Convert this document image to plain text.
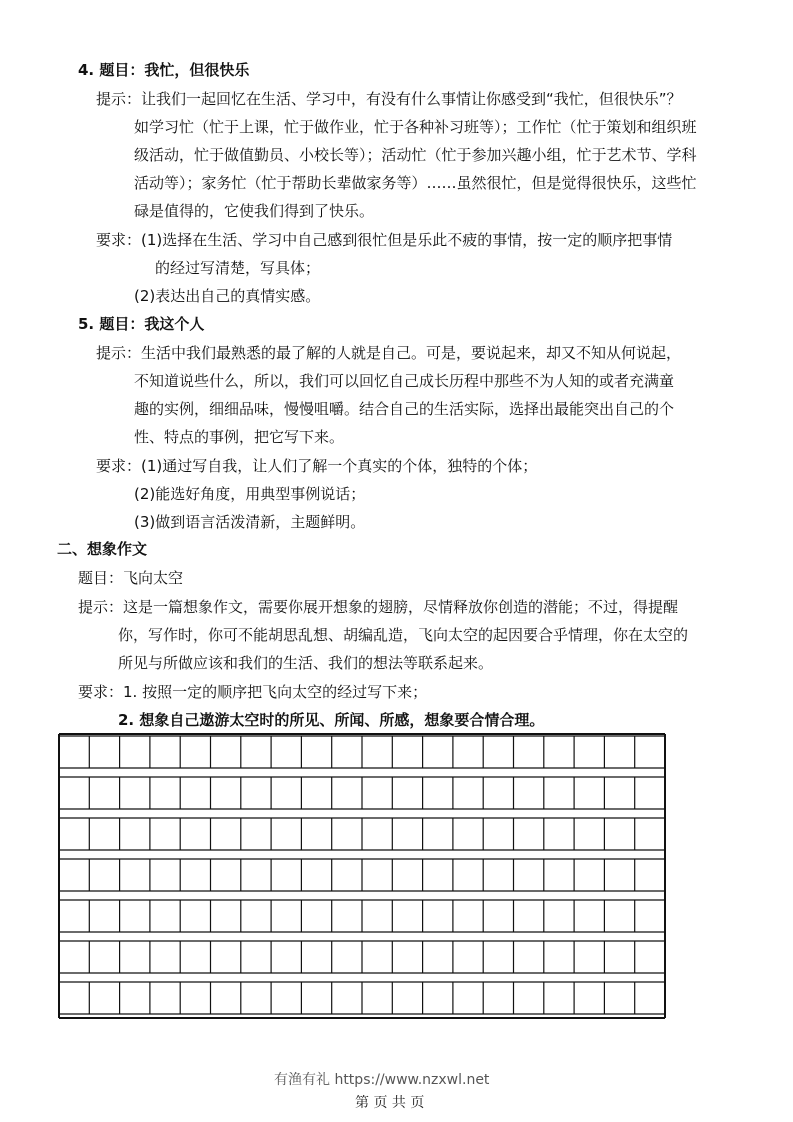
4. 题目：我忙，但很快乐
提示：让我们一起回忆在生活、学习中，有没有什么事情让你感受到“我忙，但很快乐”？
如学习忙（忙于上课，忙于做作业，忙于各种补习班等）；工作忙（忙于策划和组织班
级活动，忙于做值勤员、小校长等）；活动忙（忙于参加兴趣小组，忙于艺术节、学科
活动等）；家务忙（忙于帮助长辈做家务等）……虽然很忙，但是觉得很快乐，这些忙
碌是值得的，它使我们得到了快乐。
要求：(1)选择在生活、学习中自己感到很忙但是乐此不疲的事情，按一定的顺序把事情
的经过写清楚，写具体；
(2)表达出自己的真情实感。
5. 题目：我这个人
提示：生活中我们最熟悉的最了解的人就是自己。可是，要说起来，却又不知从何说起，
不知道说些什么，所以，我们可以回忆自己成长历程中那些不为人知的或者充满童
趣的实例，细细品味，慢慢咀嚼。结合自己的生活实际，选择出最能突出自己的个
性、特点的事例，把它写下来。
要求：(1)通过写自我，让人们了解一个真实的个体，独特的个体；
(2)能选好角度，用典型事例说话；
(3)做到语言活泼清新，主题鲜明。
二、想象作文
题目：飞向太空
提示：这是一篇想象作文，需要你展开想象的翅膀，尽情释放你创造的潜能；不过，得提醒
你，写作时，你可不能胡思乱想、胡编乱造，飞向太空的起因要合乎情理，你在太空的
所见与所做应该和我们的生活、我们的想法等联系起来。
要求：1. 按照一定的顺序把飞向太空的经过写下来；
2. 想象自己遨游太空时的所见、所闻、所感，想象要合情合理。
有渔有礼 https://www.nzxwl.net
第 页 共 页
